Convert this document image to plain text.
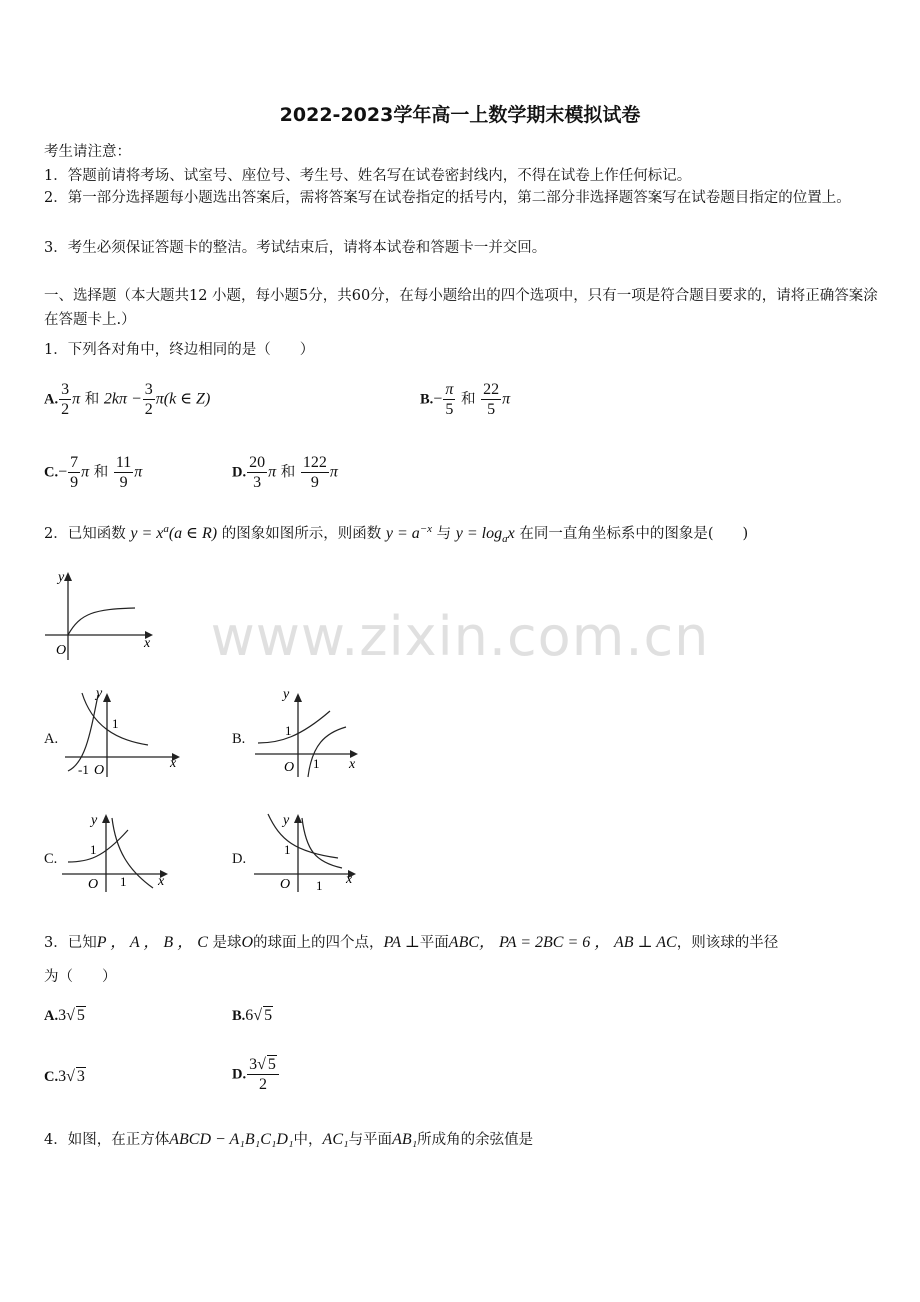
2022-2023学年高一上数学期末模拟试卷
考生请注意：
1．答题前请将考场、试室号、座位号、考生号、姓名写在试卷密封线内，不得在试卷上作任何标记。
2．第一部分选择题每小题选出答案后，需将答案写在试卷指定的括号内，第二部分非选择题答案写在试卷题目指定的位置上。
3．考生必须保证答题卡的整洁。考试结束后，请将本试卷和答题卡一并交回。
一、选择题（本大题共12 小题，每小题5分，共60分，在每小题给出的四个选项中，只有一项是符合题目要求的，请将正确答案涂在答题卡上.）
1．下列各对角中，终边相同的是（　　）
A. $\frac{3}{2}$ π 和 $2k\pi - \frac{3}{2} \pi(k$ ∈ Z)	$B.- \frac{\pi}{5}$ 和 $\frac{22}{5}$ π
$C.- \frac{7}{9}$ π 和 $\frac{11}{9}$ π	D. $\frac{20}{3}$ π 和 $\frac{122}{9}$ π
2．已知函数 $y = x^a(a$ ∈ R) 的图象如图所示，则函数 $y = a^{-x}$ 与 $y = \log_ax$ 在同一直角坐标系中的图象是(　　)
y
x
O	www.zixin.com.cn
A.
y
x
O
1
-1
B.
y
x
O
1
1
C.
y
x
O
1
1
D.
y
x
O
1
1
3．已知P ， A ， B ， C 是球O的球面上的四个点，PA ⊥平面ABC， PA = 2BC = 6 ， AB ⊥ AC，则该球的半径
为（　　）
A.3√ 5	B.6√ 5
C.3√ 3	D. $\frac{3√ 5}{2}$
4．如图，在正方体ABCD − A₁B₁C₁D₁中，AC₁与平面AB₁所成角的余弦值是
